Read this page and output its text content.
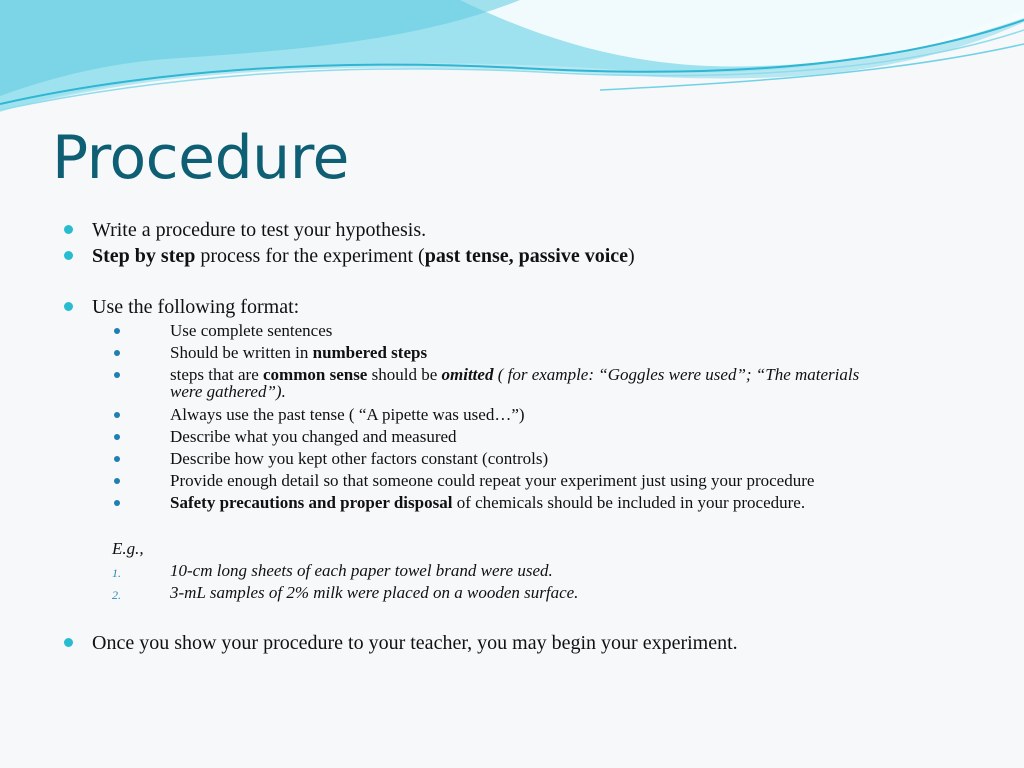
Procedure
Write a procedure to test your hypothesis.
Step by step process for the experiment (past tense, passive voice)
Use the following format:
Use complete sentences
Should be written in numbered steps
steps that are common sense should be omitted ( for example: “Goggles were used”; “The materials
were gathered”).
Always use the past tense ( “A pipette was used…”)
Describe what you changed and measured
Describe how you kept other factors constant (controls)
Provide enough detail so that someone could repeat your experiment just using your procedure
Safety precautions and proper disposal of chemicals should be included in your procedure.
E.g.,
1.	10-cm long sheets of each paper towel brand were used.
2.	3-mL samples of 2% milk were placed on a wooden surface.
Once you show your procedure to your teacher, you may begin your experiment.
